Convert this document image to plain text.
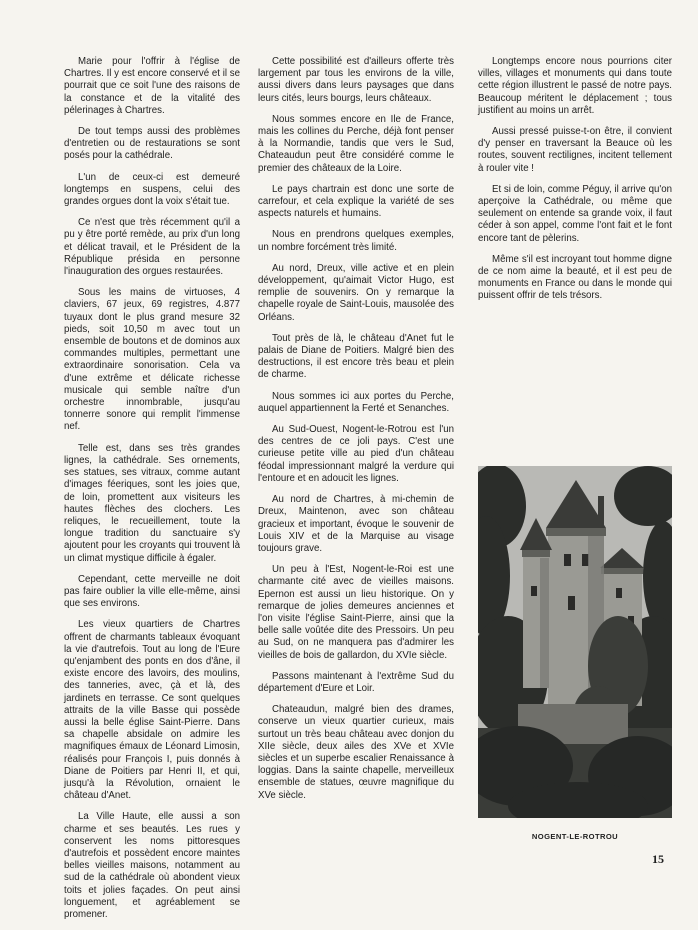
Marie pour l'offrir à l'église de Chartres. Il y est encore conservé et il se pourrait que ce soit l'une des raisons de la constance et de la vitalité des pélerinages à Chartres.

De tout temps aussi des problèmes d'entretien ou de restaurations se sont posés pour la cathédrale.

L'un de ceux-ci est demeuré longtemps en suspens, celui des grandes orgues dont la voix s'était tue.

Ce n'est que très récemment qu'il a pu y être porté remède, au prix d'un long et délicat travail, et le Président de la République présida en personne l'inauguration des orgues restaurées.

Sous les mains de virtuoses, 4 claviers, 67 jeux, 69 registres, 4.877 tuyaux dont le plus grand mesure 32 pieds, soit 10,50 m avec tout un ensemble de boutons et de dominos aux commandes multiples, permettant une extraordinaire sonorisation. Cela va d'une extrême et délicate richesse musicale qui semble naître d'un orchestre innombrable, jusqu'au tonnerre sonore qui remplit l'immense nef.

Telle est, dans ses très grandes lignes, la cathédrale. Ses ornements, ses statues, ses vitraux, comme autant d'images féeriques, sont les joies que, de loin, promettent aux visiteurs les hautes flèches des clochers. Les reliques, le recueillement, toute la longue tradition du sanctuaire s'y ajoutent pour les croyants qui trouvent là un climat mystique difficile à égaler.

Cependant, cette merveille ne doit pas faire oublier la ville elle-même, ainsi que ses environs.

Les vieux quartiers de Chartres offrent de charmants tableaux évoquant la vie d'autrefois. Tout au long de l'Eure qu'enjambent des ponts en dos d'âne, il existe encore des lavoirs, des moulins, des tanneries, avec, çà et là, des jardinets en terrasse. Ce sont quelques attraits de la ville Basse qui possède aussi la belle église Saint-Pierre. Dans sa chapelle absidale on admire les magnifiques émaux de Léonard Limosin, réalisés pour François I, puis donnés à Diane de Poitiers par Henri II, et qui, jusqu'à la Révolution, ornaient le château d'Anet.

La Ville Haute, elle aussi a son charme et ses beautés. Les rues y conservent les noms pittoresques d'autrefois et possèdent encore maintes belles vieilles maisons, notamment au sud de la cathédrale où abondent vieux toits et jolies façades. On peut ainsi longuement, et agréablement se promener.

Cette possibilité est d'ailleurs offerte très largement par tous les environs de la ville, aussi divers dans leurs paysages que dans leurs cités, leurs bourgs, leurs châteaux.

Nous sommes encore en Ile de France, mais les collines du Perche, déjà font penser à la Normandie, tandis que vers le Sud, Chateaudun peut être considéré comme le premier des châteaux de la Loire.

Le pays chartrain est donc une sorte de carrefour, et cela explique la variété de ses aspects naturels et humains.

Nous en prendrons quelques exemples, un nombre forcément très limité.

Au nord, Dreux, ville active et en plein développement, qu'aimait Victor Hugo, est remplie de souvenirs. On y remarque la chapelle royale de Saint-Louis, mausolée des Orléans.

Tout près de là, le château d'Anet fut le palais de Diane de Poitiers. Malgré bien des destructions, il est encore très beau et plein de charme.

Nous sommes ici aux portes du Perche, auquel appartiennent la Ferté et Senanches.

Au Sud-Ouest, Nogent-le-Rotrou est l'un des centres de ce joli pays. C'est une curieuse petite ville au pied d'un château féodal impressionnant malgré la verdure qui l'entoure et en adoucit les lignes.

Au nord de Chartres, à mi-chemin de Dreux, Maintenon, avec son château gracieux et important, évoque le souvenir de Louis XIV et de la Marquise au visage toujours grave.

Un peu à l'Est, Nogent-le-Roi est une charmante cité avec de vieilles maisons. Epernon est aussi un lieu historique. On y remarque de jolies demeures anciennes et l'on visite l'église Saint-Pierre, ainsi que la belle salle voûtée dite des Pressoirs. Un peu au Sud, on ne manquera pas d'admirer les vieilles de bois de gallardon, du XVIe siècle.

Passons maintenant à l'extrême Sud du département d'Eure et Loir.

Chateaudun, malgré bien des drames, conserve un vieux quartier curieux, mais surtout un très beau château avec donjon du XIIe siècle, deux ailes des XVe et XVIe siècles et un superbe escalier Renaissance à loggias. Dans la sainte chapelle, merveilleux ensemble de statues, œuvre magnifique du XVe siècle.

Longtemps encore nous pourrions citer villes, villages et monuments qui dans toute cette région illustrent le passé de notre pays. Beaucoup méritent le déplacement ; tous justifient au moins un arrêt.

Aussi pressé puisse-t-on être, il convient d'y penser en traversant la Beauce où les routes, souvent rectilignes, incitent tellement à rouler vite !

Et si de loin, comme Péguy, il arrive qu'on aperçoive la Cathédrale, ou même que seulement on entende sa grande voix, il faut céder à son appel, comme l'ont fait et le font encore tant de pèlerins.

Même s'il est incroyant tout homme digne de ce nom aime la beauté, et il est peu de monuments en France ou dans le monde qui puissent offrir de tels trésors.

NOGENT-LE-ROTROU
15
